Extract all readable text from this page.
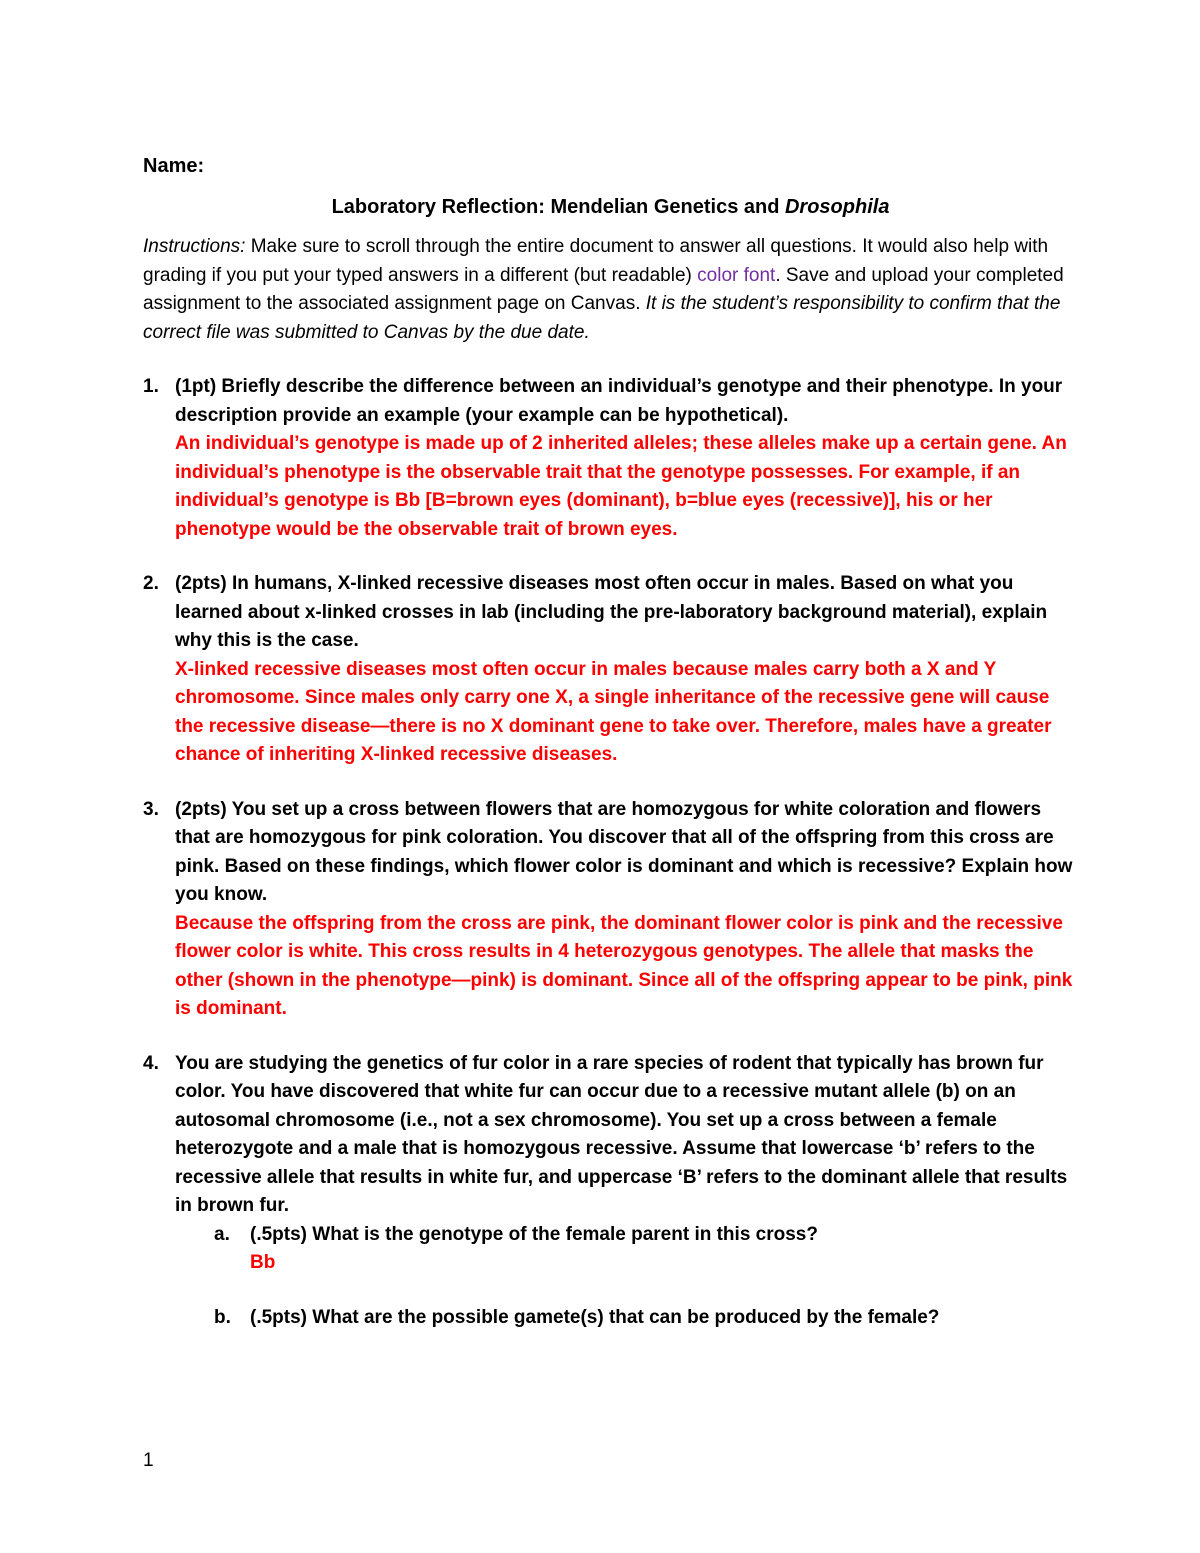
Name:
Laboratory Reflection: Mendelian Genetics and Drosophila
Instructions: Make sure to scroll through the entire document to answer all questions. It would also help with grading if you put your typed answers in a different (but readable) color font. Save and upload your completed assignment to the associated assignment page on Canvas. It is the student’s responsibility to confirm that the correct file was submitted to Canvas by the due date.
1. (1pt) Briefly describe the difference between an individual’s genotype and their phenotype. In your description provide an example (your example can be hypothetical).
An individual’s genotype is made up of 2 inherited alleles; these alleles make up a certain gene. An individual’s phenotype is the observable trait that the genotype possesses. For example, if an individual’s genotype is Bb [B=brown eyes (dominant), b=blue eyes (recessive)], his or her phenotype would be the observable trait of brown eyes.
2. (2pts) In humans, X-linked recessive diseases most often occur in males. Based on what you learned about x-linked crosses in lab (including the pre-laboratory background material), explain why this is the case.
X-linked recessive diseases most often occur in males because males carry both a X and Y chromosome. Since males only carry one X, a single inheritance of the recessive gene will cause the recessive disease—there is no X dominant gene to take over. Therefore, males have a greater chance of inheriting X-linked recessive diseases.
3. (2pts) You set up a cross between flowers that are homozygous for white coloration and flowers that are homozygous for pink coloration. You discover that all of the offspring from this cross are pink. Based on these findings, which flower color is dominant and which is recessive? Explain how you know.
Because the offspring from the cross are pink, the dominant flower color is pink and the recessive flower color is white. This cross results in 4 heterozygous genotypes. The allele that masks the other (shown in the phenotype—pink) is dominant. Since all of the offspring appear to be pink, pink is dominant.
4. You are studying the genetics of fur color in a rare species of rodent that typically has brown fur color. You have discovered that white fur can occur due to a recessive mutant allele (b) on an autosomal chromosome (i.e., not a sex chromosome). You set up a cross between a female heterozygote and a male that is homozygous recessive. Assume that lowercase ‘b’ refers to the recessive allele that results in white fur, and uppercase ‘B’ refers to the dominant allele that results in brown fur.
a.	(.5pts) What is the genotype of the female parent in this cross?
Bb
b.	(.5pts) What are the possible gamete(s) that can be produced by the female?
1
